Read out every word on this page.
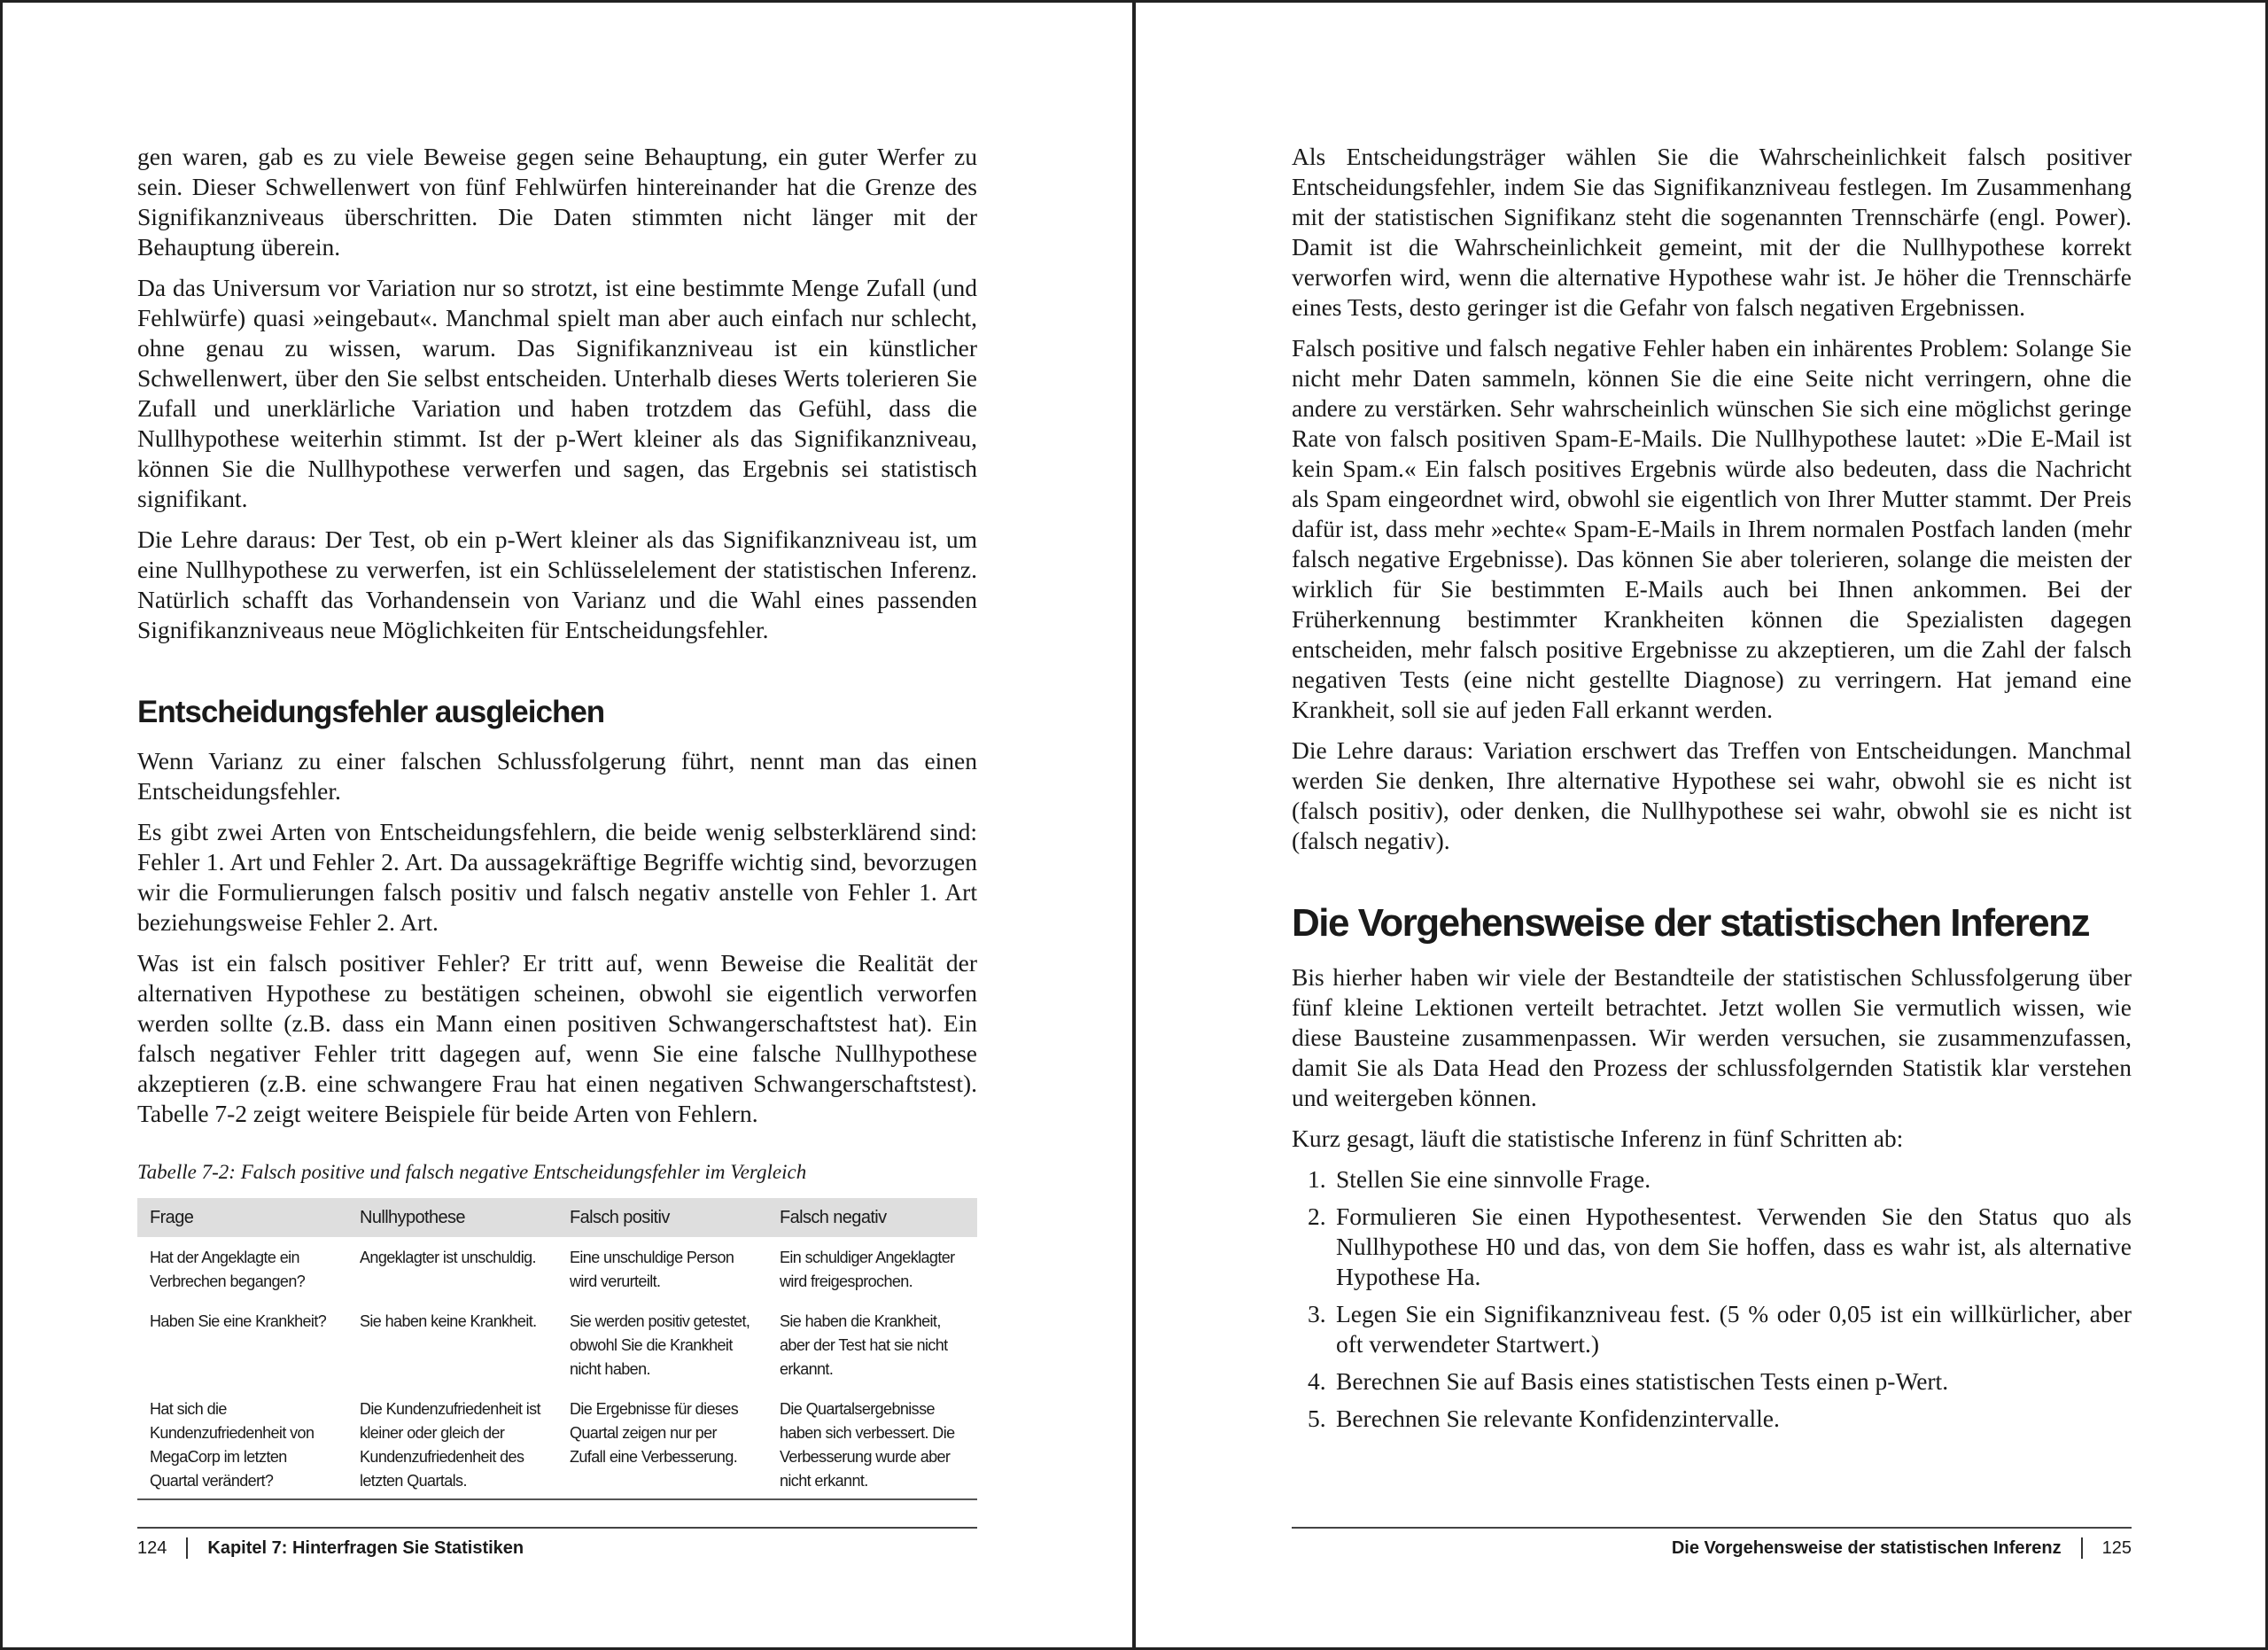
gen waren, gab es zu viele Beweise gegen seine Behauptung, ein guter Werfer zu sein. Dieser Schwellenwert von fünf Fehlwürfen hintereinander hat die Grenze des Signifikanzniveaus überschritten. Die Daten stimmten nicht länger mit der Behauptung überein.

Da das Universum vor Variation nur so strotzt, ist eine bestimmte Menge Zufall (und Fehlwürfe) quasi »eingebaut«. Manchmal spielt man aber auch einfach nur schlecht, ohne genau zu wissen, warum. Das Signifikanzniveau ist ein künstlicher Schwellenwert, über den Sie selbst entscheiden. Unterhalb dieses Werts tolerieren Sie Zufall und unerklärliche Variation und haben trotzdem das Gefühl, dass die Nullhypothese weiterhin stimmt. Ist der p-Wert kleiner als das Signifikanzniveau, können Sie die Nullhypothese verwerfen und sagen, das Ergebnis sei statistisch signifikant.

Die Lehre daraus: Der Test, ob ein p-Wert kleiner als das Signifikanzniveau ist, um eine Nullhypothese zu verwerfen, ist ein Schlüsselelement der statistischen Inferenz. Natürlich schafft das Vorhandensein von Varianz und die Wahl eines passenden Signifikanzniveaus neue Möglichkeiten für Entscheidungsfehler.

Entscheidungsfehler ausgleichen

Wenn Varianz zu einer falschen Schlussfolgerung führt, nennt man das einen Entscheidungsfehler.

Es gibt zwei Arten von Entscheidungsfehlern, die beide wenig selbsterklärend sind: Fehler 1. Art und Fehler 2. Art. Da aussagekräftige Begriffe wichtig sind, bevorzugen wir die Formulierungen falsch positiv und falsch negativ anstelle von Fehler 1. Art beziehungsweise Fehler 2. Art.

Was ist ein falsch positiver Fehler? Er tritt auf, wenn Beweise die Realität der alternativen Hypothese zu bestätigen scheinen, obwohl sie eigentlich verworfen werden sollte (z.B. dass ein Mann einen positiven Schwangerschaftstest hat). Ein falsch negativer Fehler tritt dagegen auf, wenn Sie eine falsche Nullhypothese akzeptieren (z.B. eine schwangere Frau hat einen negativen Schwangerschaftstest). Tabelle 7-2 zeigt weitere Beispiele für beide Arten von Fehlern.

Tabelle 7-2: Falsch positive und falsch negative Entscheidungsfehler im Vergleich
Frage	Nullhypothese	Falsch positiv	Falsch negativ
Hat der Angeklagte ein Verbrechen begangen?	Angeklagter ist unschuldig.	Eine unschuldige Person wird verurteilt.	Ein schuldiger Angeklagter wird freigesprochen.
Haben Sie eine Krankheit?	Sie haben keine Krankheit.	Sie werden positiv getestet, obwohl Sie die Krankheit nicht haben.	Sie haben die Krankheit, aber der Test hat sie nicht erkannt.
Hat sich die Kundenzufriedenheit von MegaCorp im letzten Quartal verändert?	Die Kundenzufriedenheit ist kleiner oder gleich der Kundenzufriedenheit des letzten Quartals.	Die Ergebnisse für dieses Quartal zeigen nur per Zufall eine Verbesserung.	Die Quartalsergebnisse haben sich verbessert. Die Verbesserung wurde aber nicht erkannt.
124 Kapitel 7: Hinterfragen Sie Statistiken

Als Entscheidungsträger wählen Sie die Wahrscheinlichkeit falsch positiver Entscheidungsfehler, indem Sie das Signifikanzniveau festlegen. Im Zusammenhang mit der statistischen Signifikanz steht die sogenannten Trennschärfe (engl. Power). Damit ist die Wahrscheinlichkeit gemeint, mit der die Nullhypothese korrekt verworfen wird, wenn die alternative Hypothese wahr ist. Je höher die Trennschärfe eines Tests, desto geringer ist die Gefahr von falsch negativen Ergebnissen.

Falsch positive und falsch negative Fehler haben ein inhärentes Problem: Solange Sie nicht mehr Daten sammeln, können Sie die eine Seite nicht verringern, ohne die andere zu verstärken. Sehr wahrscheinlich wünschen Sie sich eine möglichst geringe Rate von falsch positiven Spam-E-Mails. Die Nullhypothese lautet: »Die E-Mail ist kein Spam.« Ein falsch positives Ergebnis würde also bedeuten, dass die Nachricht als Spam eingeordnet wird, obwohl sie eigentlich von Ihrer Mutter stammt. Der Preis dafür ist, dass mehr »echte« Spam-E-Mails in Ihrem normalen Postfach landen (mehr falsch negative Ergebnisse). Das können Sie aber tolerieren, solange die meisten der wirklich für Sie bestimmten E-Mails auch bei Ihnen ankommen. Bei der Früherkennung bestimmter Krankheiten können die Spezialisten dagegen entscheiden, mehr falsch positive Ergebnisse zu akzeptieren, um die Zahl der falsch negativen Tests (eine nicht gestellte Diagnose) zu verringern. Hat jemand eine Krankheit, soll sie auf jeden Fall erkannt werden.

Die Lehre daraus: Variation erschwert das Treffen von Entscheidungen. Manchmal werden Sie denken, Ihre alternative Hypothese sei wahr, obwohl sie es nicht ist (falsch positiv), oder denken, die Nullhypothese sei wahr, obwohl sie es nicht ist (falsch negativ).

Die Vorgehensweise der statistischen Inferenz

Bis hierher haben wir viele der Bestandteile der statistischen Schlussfolgerung über fünf kleine Lektionen verteilt betrachtet. Jetzt wollen Sie vermutlich wissen, wie diese Bausteine zusammenpassen. Wir werden versuchen, sie zusammenzufassen, damit Sie als Data Head den Prozess der schlussfolgernden Statistik klar verstehen und weitergeben können.

Kurz gesagt, läuft die statistische Inferenz in fünf Schritten ab:

1. Stellen Sie eine sinnvolle Frage.
2. Formulieren Sie einen Hypothesentest. Verwenden Sie den Status quo als Nullhypothese H0 und das, von dem Sie hoffen, dass es wahr ist, als alternative Hypothese Ha.
3. Legen Sie ein Signifikanzniveau fest. (5 % oder 0,05 ist ein willkürlicher, aber oft verwendeter Startwert.)
4. Berechnen Sie auf Basis eines statistischen Tests einen p-Wert.
5. Berechnen Sie relevante Konfidenzintervalle.
Die Vorgehensweise der statistischen Inferenz 125
